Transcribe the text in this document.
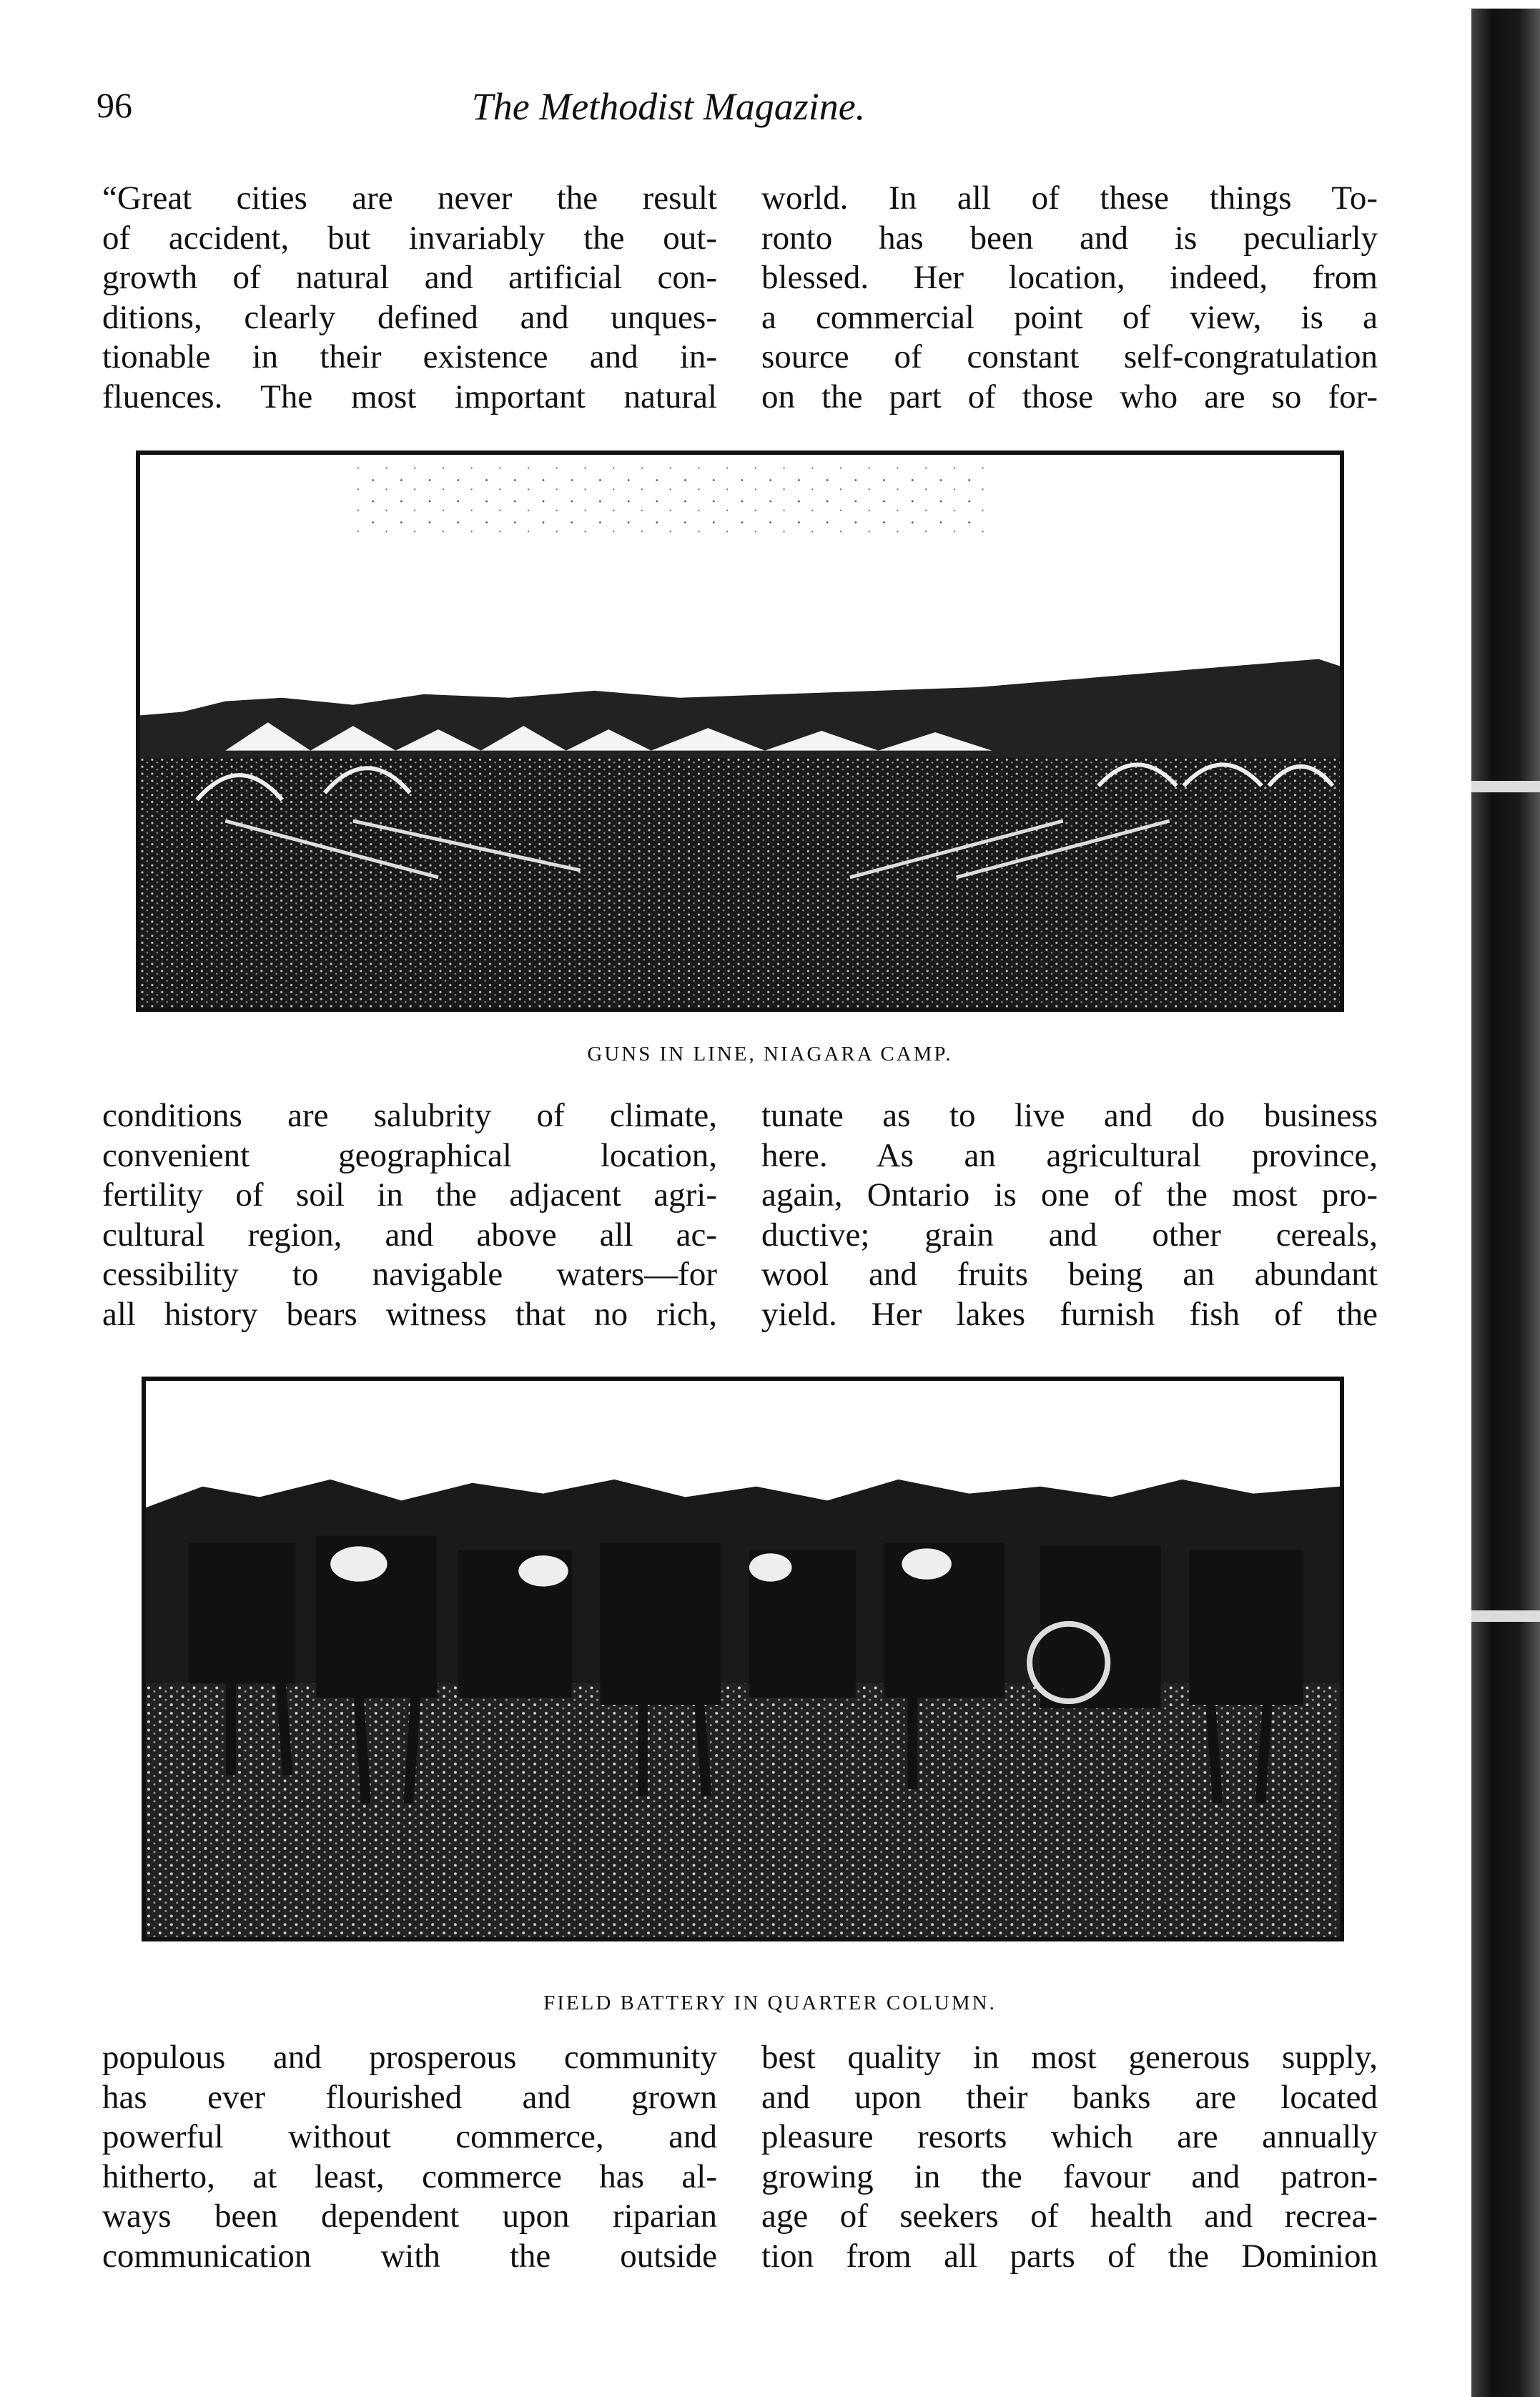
96	The Methodist Magazine.
“Great cities are never the result
of accident, but invariably the out-
growth of natural and artificial con-
ditions, clearly defined and unques-
tionable in their existence and in-
fluences. The most important natural
world. In all of these things To-
ronto has been and is peculiarly
blessed. Her location, indeed, from
a commercial point of view, is a
source of constant self-congratulation
on the part of those who are so for-
GUNS IN LINE, NIAGARA CAMP.
conditions are salubrity of climate,
convenient geographical location,
fertility of soil in the adjacent agri-
cultural region, and above all ac-
cessibility to navigable waters—for
all history bears witness that no rich,
tunate as to live and do business
here. As an agricultural province,
again, Ontario is one of the most pro-
ductive; grain and other cereals,
wool and fruits being an abundant
yield. Her lakes furnish fish of the
FIELD BATTERY IN QUARTER COLUMN.
populous and prosperous community
has ever flourished and grown
powerful without commerce, and
hitherto, at least, commerce has al-
ways been dependent upon riparian
communication with the outside
best quality in most generous supply,
and upon their banks are located
pleasure resorts which are annually
growing in the favour and patron-
age of seekers of health and recrea-
tion from all parts of the Dominion
